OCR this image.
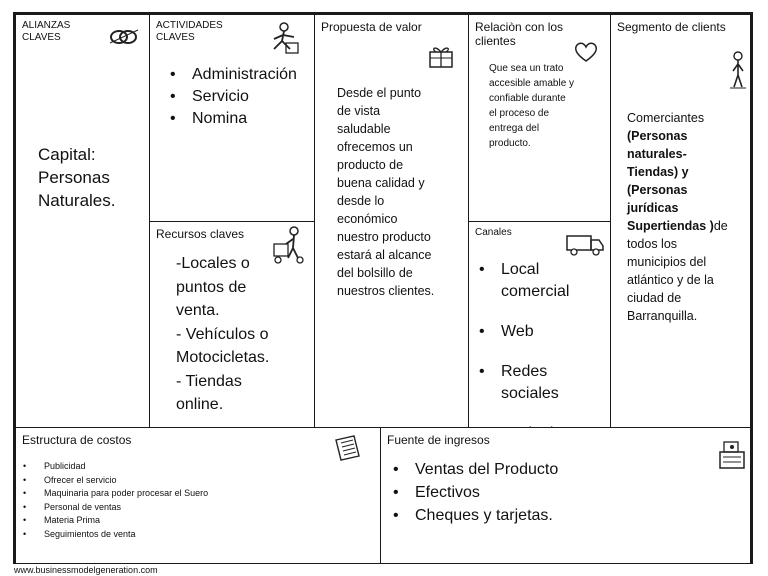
ALIANZAS
CLAVES
Capital:
Personas
Naturales.
ACTIVIDADES
CLAVES
• Administración
• Servicio
• Nomina
Recursos claves
-Locales o
puntos de
venta.
- Vehículos o
Motocicletas.
- Tiendas
online.
Propuesta de valor
Desde el punto
de vista
saludable
ofrecemos un
producto de
buena calidad y
desde lo
económico
nuestro producto
estará al alcance
del bolsillo de
nuestros clientes.
Relaciòn con los
clientes
Que sea un trato
accesible amable y
confiable durante
el proceso de
entrega del
producto.
Canales

• Local
comercial

• Web

• Redes
sociales

•

Segmento de clients
Comerciantes
(Personas
naturales-
Tiendas) y
(Personas
jurídicas
Supertiendas )de
todos los
municipios del
atlántico y de la
ciudad de
Barranquilla.
Estructura de costos
• Publicidad
• Ofrecer el servicio
• Maquinaria para poder procesar el Suero
• Personal de ventas
• Materia Prima
• Seguimientos de venta
Fuente de ingresos
• Ventas del Producto
• Efectivos
• Cheques y tarjetas.
www.businessmodelgeneration.com
